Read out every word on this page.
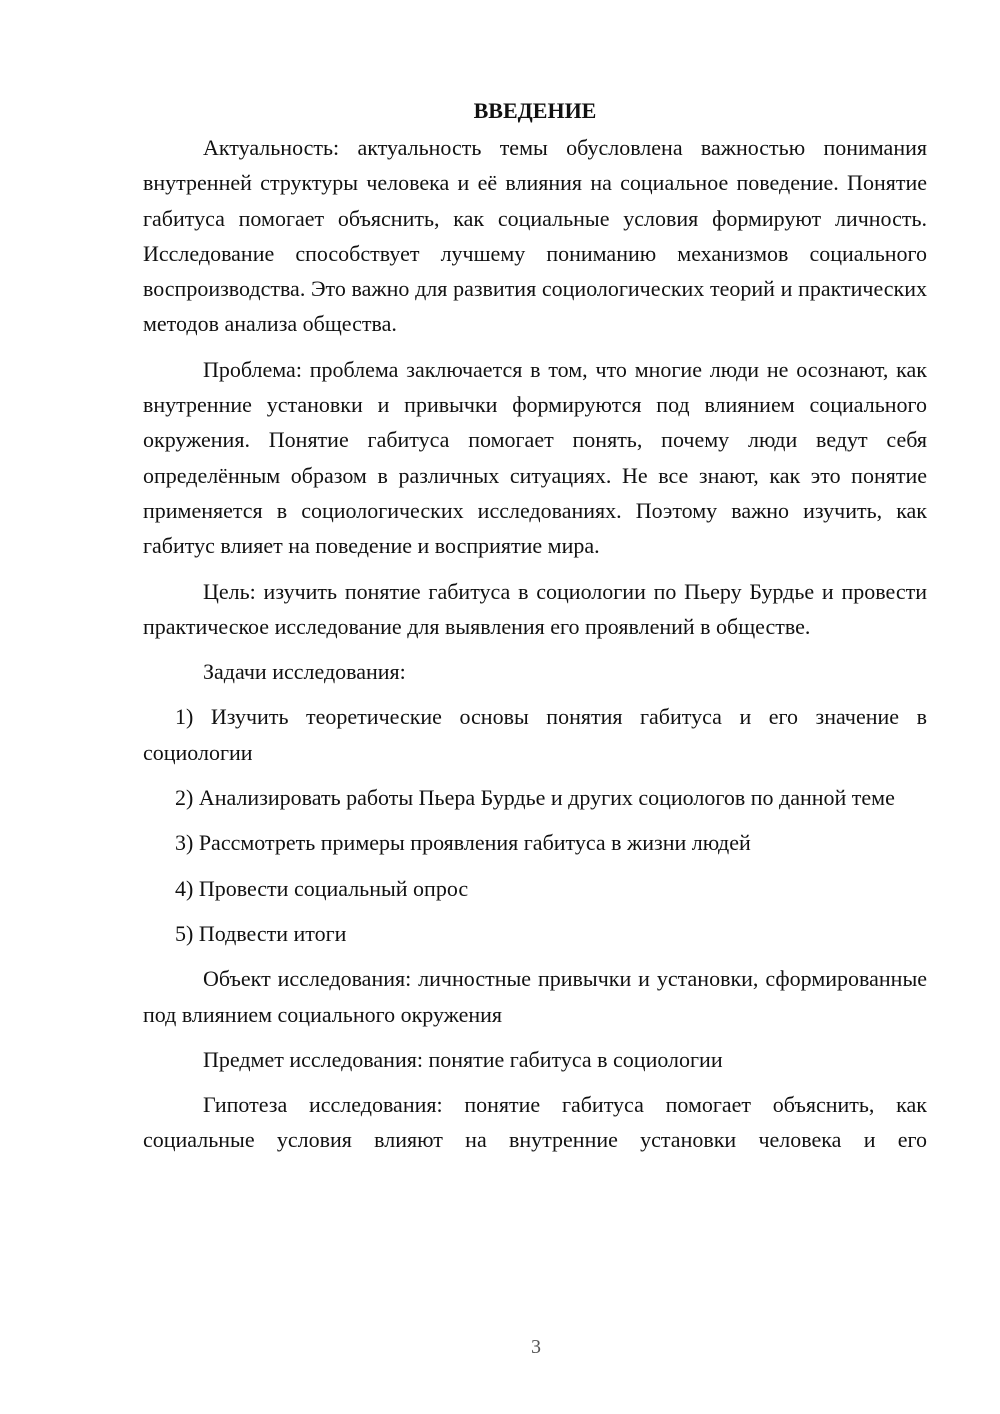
ВВЕДЕНИЕ

Актуальность: актуальность темы обусловлена важностью понимания внутренней структуры человека и её влияния на социальное поведение. Понятие габитуса помогает объяснить, как социальные условия формируют личность. Исследование способствует лучшему пониманию механизмов социального воспроизводства. Это важно для развития социологических теорий и практических методов анализа общества.

Проблема: проблема заключается в том, что многие люди не осознают, как внутренние установки и привычки формируются под влиянием социального окружения. Понятие габитуса помогает понять, почему люди ведут себя определённым образом в различных ситуациях. Не все знают, как это понятие применяется в социологических исследованиях. Поэтому важно изучить, как габитус влияет на поведение и восприятие мира.

Цель: изучить понятие габитуса в социологии по Пьеру Бурдье и провести практическое исследование для выявления его проявлений в обществе.

Задачи исследования:

1) Изучить теоретические основы понятия габитуса и его значение в социологии

2) Анализировать работы Пьера Бурдье и других социологов по данной теме

3) Рассмотреть примеры проявления габитуса в жизни людей

4) Провести социальный опрос

5) Подвести итоги

Объект исследования: личностные привычки и установки, сформированные под влиянием социального окружения

Предмет исследования: понятие габитуса в социологии

Гипотеза исследования: понятие габитуса помогает объяснить, как социальные условия влияют на внутренние установки человека и его

3
